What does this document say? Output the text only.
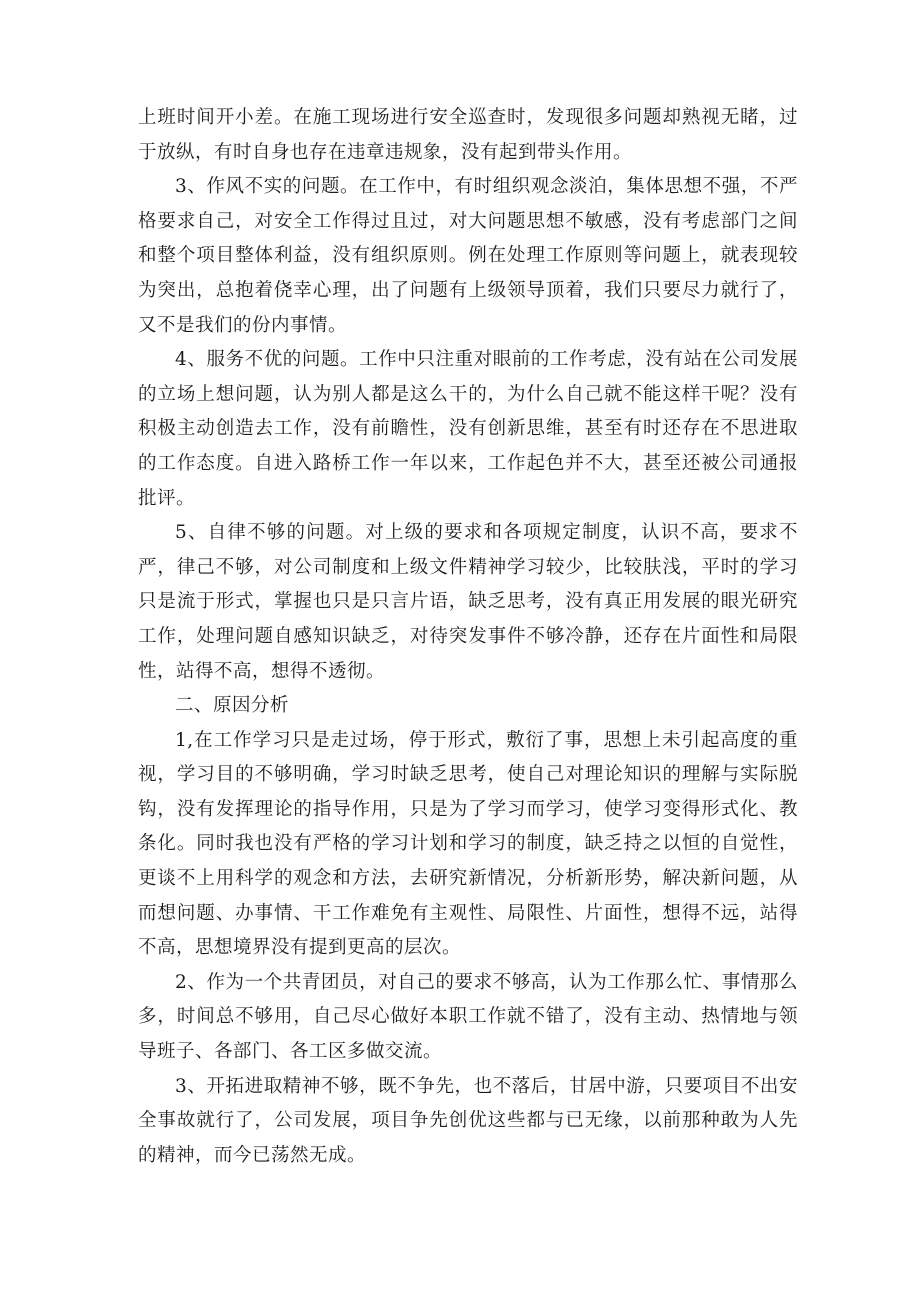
上班时间开小差。在施工现场进行安全巡查时，发现很多问题却熟视无睹，过于放纵，有时自身也存在违章违规象，没有起到带头作用。

3、作风不实的问题。在工作中，有时组织观念淡泊，集体思想不强，不严格要求自己，对安全工作得过且过，对大问题思想不敏感，没有考虑部门之间和整个项目整体利益，没有组织原则。例在处理工作原则等问题上，就表现较为突出，总抱着侥幸心理，出了问题有上级领导顶着，我们只要尽力就行了，又不是我们的份内事情。

4、服务不优的问题。工作中只注重对眼前的工作考虑，没有站在公司发展的立场上想问题，认为别人都是这么干的，为什么自己就不能这样干呢？没有积极主动创造去工作，没有前瞻性，没有创新思维，甚至有时还存在不思进取的工作态度。自进入路桥工作一年以来，工作起色并不大，甚至还被公司通报批评。

5、自律不够的问题。对上级的要求和各项规定制度，认识不高，要求不严，律己不够，对公司制度和上级文件精神学习较少，比较肤浅，平时的学习只是流于形式，掌握也只是只言片语，缺乏思考，没有真正用发展的眼光研究工作，处理问题自感知识缺乏，对待突发事件不够冷静，还存在片面性和局限性，站得不高，想得不透彻。

二、原因分析

1,在工作学习只是走过场，停于形式，敷衍了事，思想上未引起高度的重视，学习目的不够明确，学习时缺乏思考，使自己对理论知识的理解与实际脱钩，没有发挥理论的指导作用，只是为了学习而学习，使学习变得形式化、教条化。同时我也没有严格的学习计划和学习的制度，缺乏持之以恒的自觉性，更谈不上用科学的观念和方法，去研究新情况，分析新形势，解决新问题，从而想问题、办事情、干工作难免有主观性、局限性、片面性，想得不远，站得不高，思想境界没有提到更高的层次。

2、作为一个共青团员，对自己的要求不够高，认为工作那么忙、事情那么多，时间总不够用，自己尽心做好本职工作就不错了，没有主动、热情地与领导班子、各部门、各工区多做交流。

3、开拓进取精神不够，既不争先，也不落后，甘居中游，只要项目不出安全事故就行了，公司发展，项目争先创优这些都与已无缘，以前那种敢为人先的精神，而今已荡然无成。
